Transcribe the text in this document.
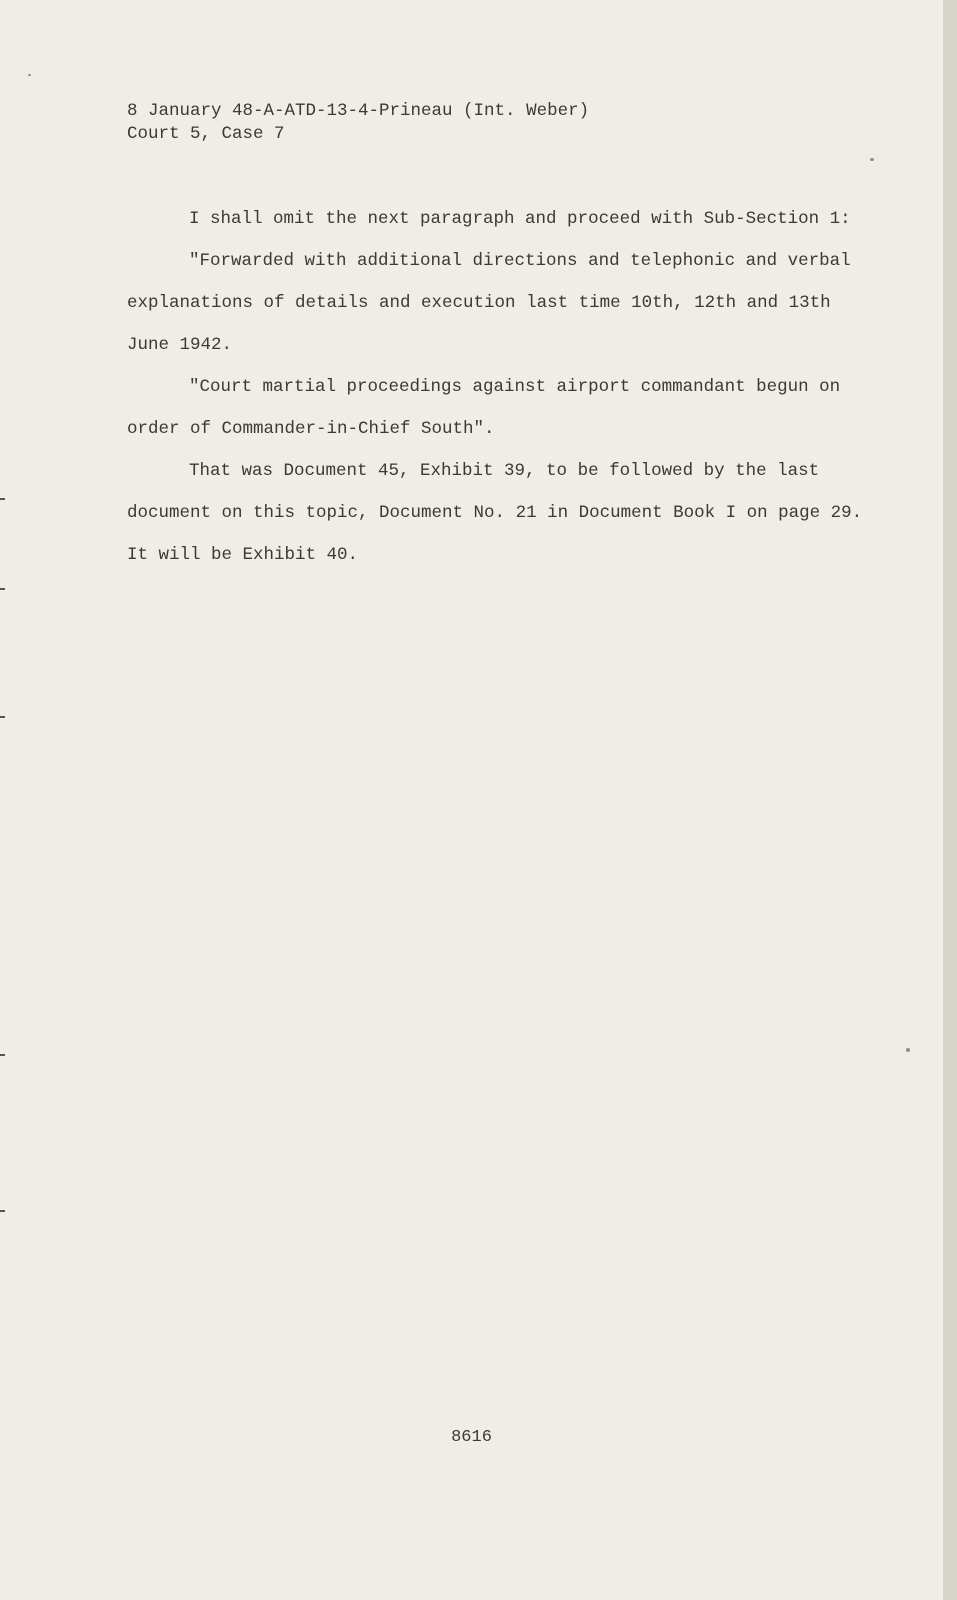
8 January 48-A-ATD-13-4-Prineau (Int. Weber)
Court 5, Case 7

I shall omit the next paragraph and proceed with Sub-Section 1:

"Forwarded with additional directions and telephonic and verbal explanations of details and execution last time 10th, 12th and 13th June 1942.

"Court martial proceedings against airport commandant begun on order of Commander-in-Chief South".

That was Document 45, Exhibit 39, to be followed by the last document on this topic, Document No. 21 in Document Book I on page 29. It will be Exhibit 40.

8616
